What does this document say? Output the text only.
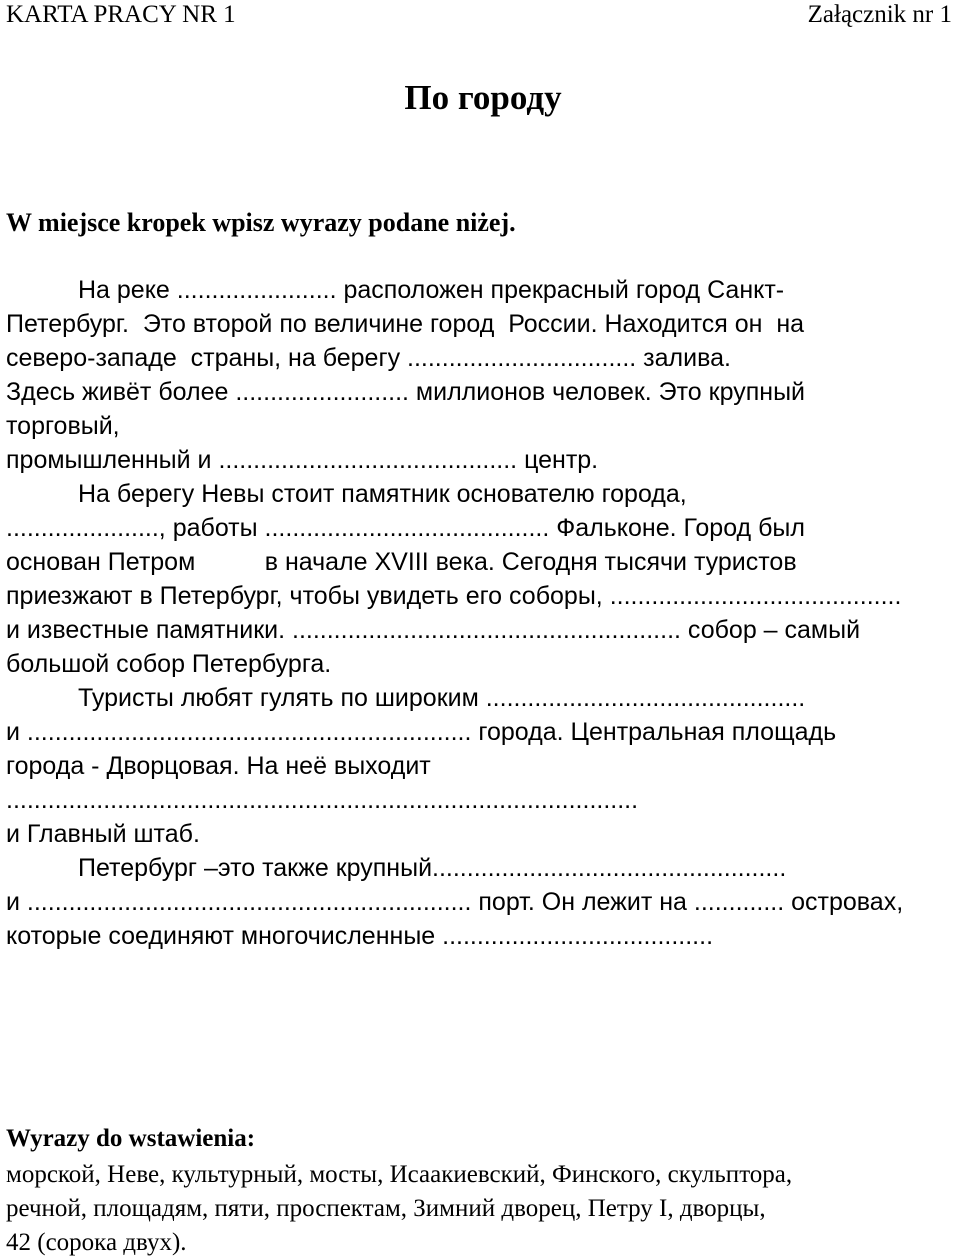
KARTA PRACY NR 1	Załącznik nr 1
По городу
W miejsce kropek wpisz wyrazy podane niżej.
На реке ....................... расположен прекрасный город Санкт-
Петербург.  Это второй по величине город  России. Находится он  на
северо-западе  страны, на берегу ................................. залива.
Здесь живёт более ......................... миллионов человек. Это крупный
торговый,
промышленный и ........................................... центр.
На берегу Невы стоит памятник основателю города,
......................, работы ......................................... Фальконе. Город был
основан Петром          в начале XVIII века. Сегодня тысячи туристов
приезжают в Петербург, чтобы увидеть его соборы, ..........................................
и известные памятники. ........................................................ собор – самый
большой собор Петербурга.
Туристы любят гулять по широким ..............................................
и ................................................................ города. Центральная площадь
города - Дворцовая. На неё выходит
...........................................................................................
и Главный штаб.
Петербург –это также крупный...................................................
и ................................................................ порт. Он лежит на ............. островах,
которые соединяют многочисленные .......................................
Wyrazy do wstawienia:
морской, Неве, культурный, мосты, Исаакиевский, Финского, скульптора,
речной, площадям, пяти, проспектам, Зимний дворец, Петру I, дворцы,
42 (сорока двух).
